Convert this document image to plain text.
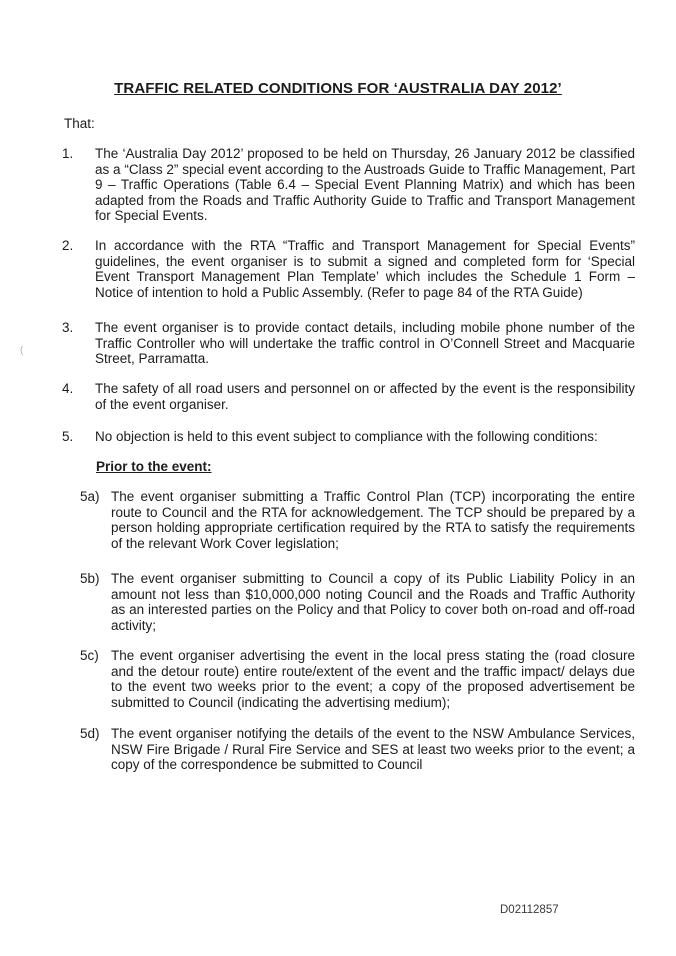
TRAFFIC RELATED CONDITIONS FOR ‘AUSTRALIA DAY 2012’
That:
1.	The ‘Australia Day 2012’ proposed to be held on Thursday, 26 January 2012 be classified as a “Class 2” special event according to the Austroads Guide to Traffic Management, Part 9 – Traffic Operations (Table 6.4 – Special Event Planning Matrix) and which has been adapted from the Roads and Traffic Authority Guide to Traffic and Transport Management for Special Events.
2.	In accordance with the RTA “Traffic and Transport Management for Special Events” guidelines, the event organiser is to submit a signed and completed form for ‘Special Event Transport Management Plan Template’ which includes the Schedule 1 Form – Notice of intention to hold a Public Assembly. (Refer to page 84 of the RTA Guide)
3.	The event organiser is to provide contact details, including mobile phone number of the Traffic Controller who will undertake the traffic control in O’Connell Street and Macquarie Street, Parramatta.
4.	The safety of all road users and personnel on or affected by the event is the responsibility of the event organiser.
5.	No objection is held to this event subject to compliance with the following conditions:
Prior to the event:
5a) The event organiser submitting a Traffic Control Plan (TCP) incorporating the entire route to Council and the RTA for acknowledgement. The TCP should be prepared by a person holding appropriate certification required by the RTA to satisfy the requirements of the relevant Work Cover legislation;
5b) The event organiser submitting to Council a copy of its Public Liability Policy in an amount not less than $10,000,000 noting Council and the Roads and Traffic Authority as an interested parties on the Policy and that Policy to cover both on-road and off-road activity;
5c) The event organiser advertising the event in the local press stating the (road closure and the detour route) entire route/extent of the event and the traffic impact/ delays due to the event two weeks prior to the event; a copy of the proposed advertisement be submitted to Council (indicating the advertising medium);
5d) The event organiser notifying the details of the event to the NSW Ambulance Services, NSW Fire Brigade / Rural Fire Service and SES at least two weeks prior to the event; a copy of the correspondence be submitted to Council
(
D02112857
